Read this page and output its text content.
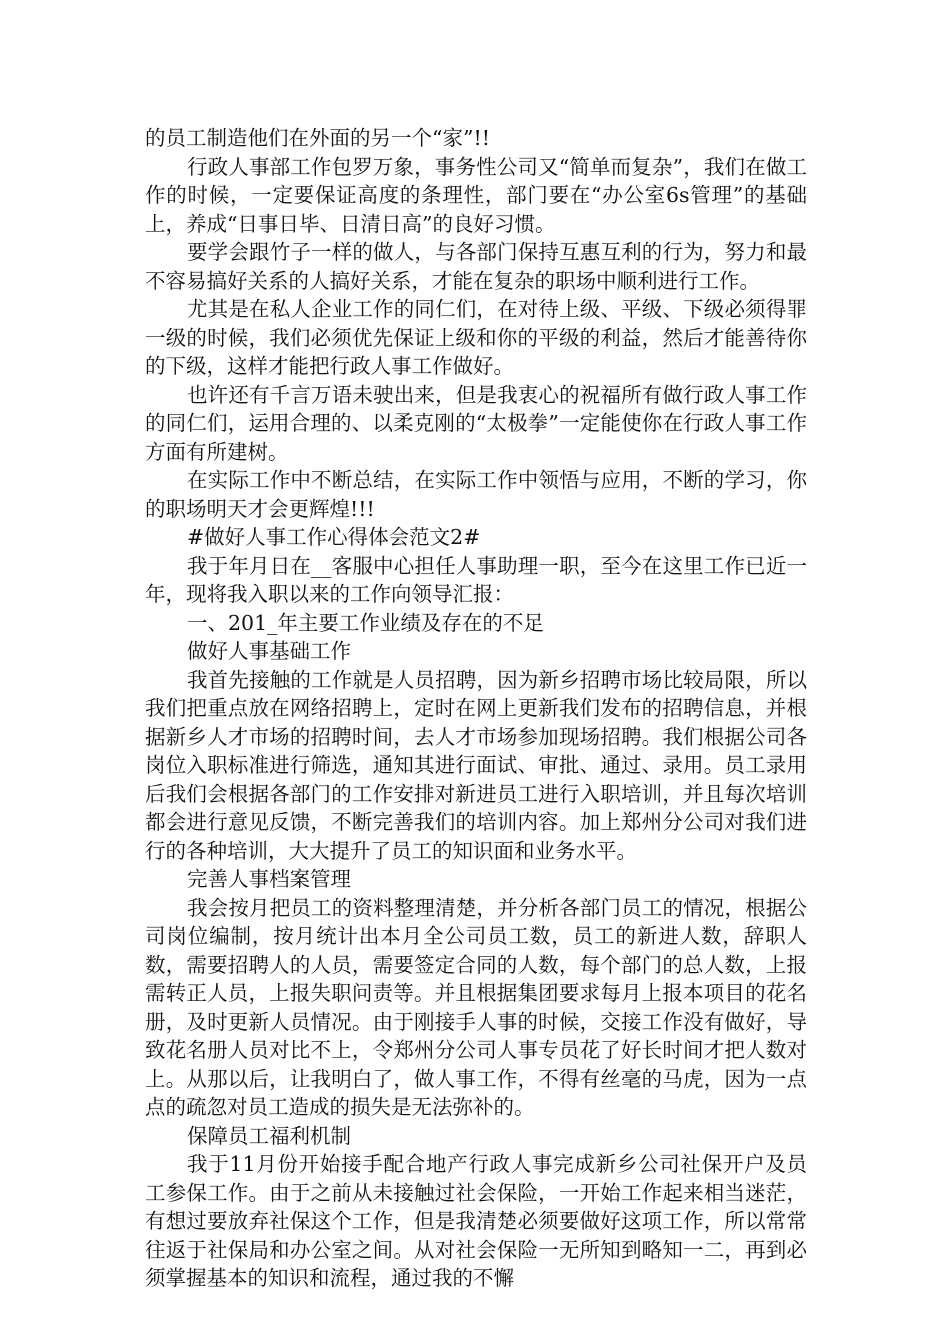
的员工制造他们在外面的另一个“家”!!

行政人事部工作包罗万象，事务性公司又“简单而复杂”，我们在做工作的时候，一定要保证高度的条理性，部门要在“办公室6s管理”的基础上，养成“日事日毕、日清日高”的良好习惯。

要学会跟竹子一样的做人，与各部门保持互惠互利的行为，努力和最不容易搞好关系的人搞好关系，才能在复杂的职场中顺利进行工作。

尤其是在私人企业工作的同仁们，在对待上级、平级、下级必须得罪一级的时候，我们必须优先保证上级和你的平级的利益，然后才能善待你的下级，这样才能把行政人事工作做好。

也许还有千言万语未驶出来，但是我衷心的祝福所有做行政人事工作的同仁们，运用合理的、以柔克刚的“太极拳”一定能使你在行政人事工作方面有所建树。

在实际工作中不断总结，在实际工作中领悟与应用，不断的学习，你的职场明天才会更辉煌!!!

#做好人事工作心得体会范文2#

我于年月日在__客服中心担任人事助理一职，至今在这里工作已近一年，现将我入职以来的工作向领导汇报：

一、201_年主要工作业绩及存在的不足

做好人事基础工作

我首先接触的工作就是人员招聘，因为新乡招聘市场比较局限，所以我们把重点放在网络招聘上，定时在网上更新我们发布的招聘信息，并根据新乡人才市场的招聘时间，去人才市场参加现场招聘。我们根据公司各岗位入职标准进行筛选，通知其进行面试、审批、通过、录用。员工录用后我们会根据各部门的工作安排对新进员工进行入职培训，并且每次培训都会进行意见反馈，不断完善我们的培训内容。加上郑州分公司对我们进行的各种培训，大大提升了员工的知识面和业务水平。

完善人事档案管理

我会按月把员工的资料整理清楚，并分析各部门员工的情况，根据公司岗位编制，按月统计出本月全公司员工数，员工的新进人数，辞职人数，需要招聘人的人员，需要签定合同的人数，每个部门的总人数，上报需转正人员，上报失职问责等。并且根据集团要求每月上报本项目的花名册，及时更新人员情况。由于刚接手人事的时候，交接工作没有做好，导致花名册人员对比不上，令郑州分公司人事专员花了好长时间才把人数对上。从那以后，让我明白了，做人事工作，不得有丝毫的马虎，因为一点点的疏忽对员工造成的损失是无法弥补的。

保障员工福利机制

我于11月份开始接手配合地产行政人事完成新乡公司社保开户及员工参保工作。由于之前从未接触过社会保险，一开始工作起来相当迷茫，有想过要放弃社保这个工作，但是我清楚必须要做好这项工作，所以常常往返于社保局和办公室之间。从对社会保险一无所知到略知一二，再到必须掌握基本的知识和流程，通过我的不懈
